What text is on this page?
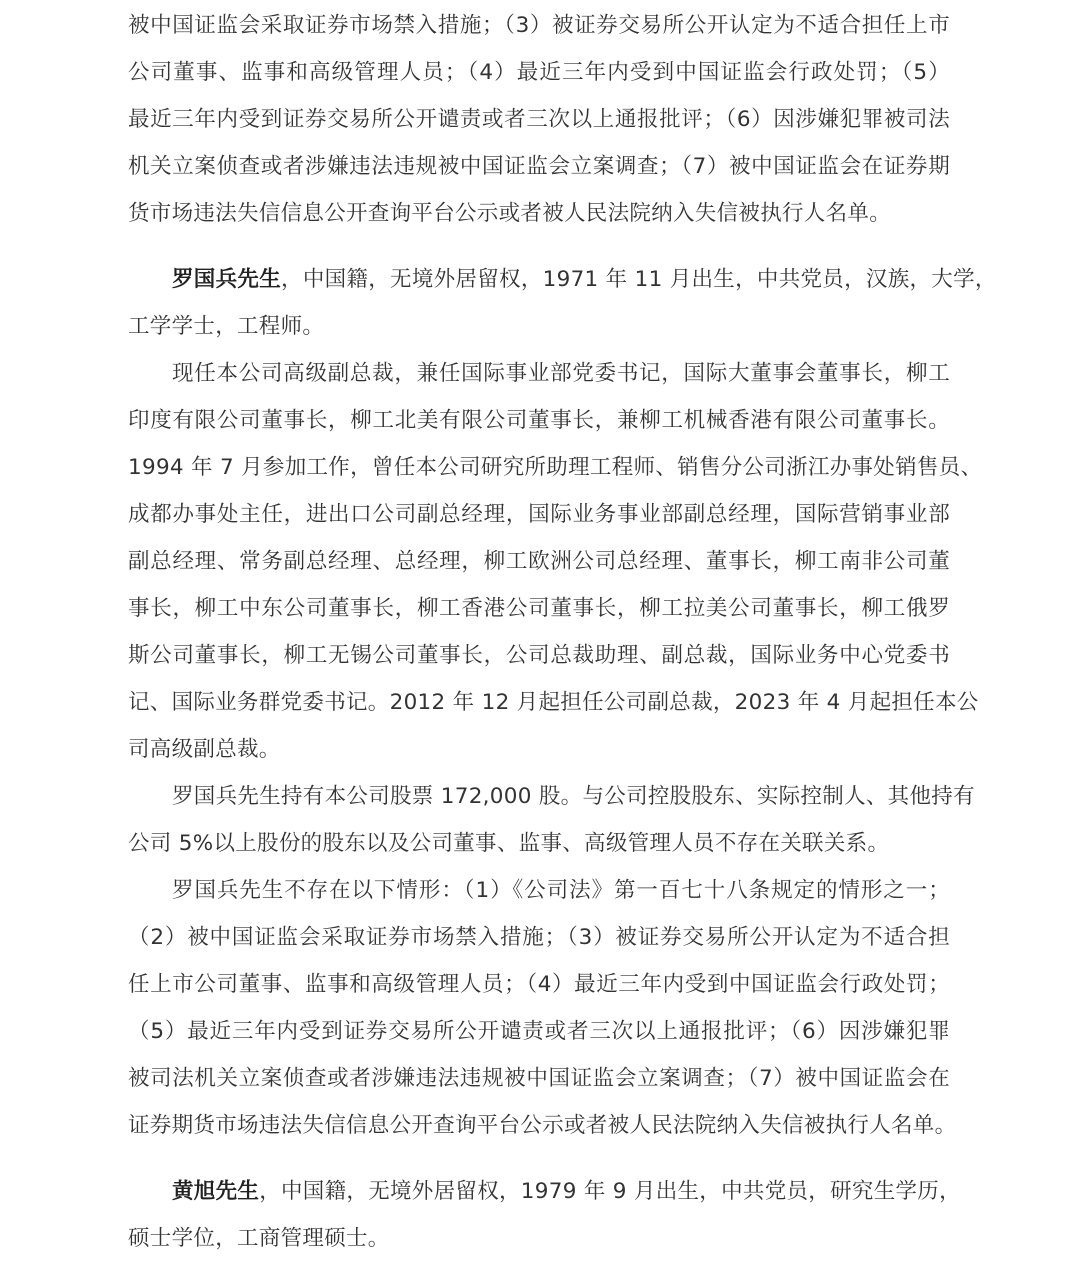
被中国证监会采取证券市场禁入措施；（3）被证券交易所公开认定为不适合担任上市
公司董事、监事和高级管理人员；（4）最近三年内受到中国证监会行政处罚；（5）
最近三年内受到证券交易所公开谴责或者三次以上通报批评；（6）因涉嫌犯罪被司法
机关立案侦查或者涉嫌违法违规被中国证监会立案调查；（7）被中国证监会在证券期
货市场违法失信信息公开查询平台公示或者被人民法院纳入失信被执行人名单。
罗国兵先生，中国籍，无境外居留权，1971 年 11 月出生，中共党员，汉族，大学，
工学学士，工程师。
现任本公司高级副总裁，兼任国际事业部党委书记，国际大董事会董事长，柳工
印度有限公司董事长，柳工北美有限公司董事长，兼柳工机械香港有限公司董事长。
1994 年 7 月参加工作，曾任本公司研究所助理工程师、销售分公司浙江办事处销售员、
成都办事处主任，进出口公司副总经理，国际业务事业部副总经理，国际营销事业部
副总经理、常务副总经理、总经理，柳工欧洲公司总经理、董事长，柳工南非公司董
事长，柳工中东公司董事长，柳工香港公司董事长，柳工拉美公司董事长，柳工俄罗
斯公司董事长，柳工无锡公司董事长，公司总裁助理、副总裁，国际业务中心党委书
记、国际业务群党委书记。2012 年 12 月起担任公司副总裁，2023 年 4 月起担任本公
司高级副总裁。
罗国兵先生持有本公司股票 172,000 股。与公司控股股东、实际控制人、其他持有
公司 5%以上股份的股东以及公司董事、监事、高级管理人员不存在关联关系。
罗国兵先生不存在以下情形：（1）《公司法》第一百七十八条规定的情形之一；
（2）被中国证监会采取证券市场禁入措施；（3）被证券交易所公开认定为不适合担
任上市公司董事、监事和高级管理人员；（4）最近三年内受到中国证监会行政处罚；
（5）最近三年内受到证券交易所公开谴责或者三次以上通报批评；（6）因涉嫌犯罪
被司法机关立案侦查或者涉嫌违法违规被中国证监会立案调查；（7）被中国证监会在
证券期货市场违法失信信息公开查询平台公示或者被人民法院纳入失信被执行人名单。
黄旭先生，中国籍，无境外居留权，1979 年 9 月出生，中共党员，研究生学历，
硕士学位，工商管理硕士。
